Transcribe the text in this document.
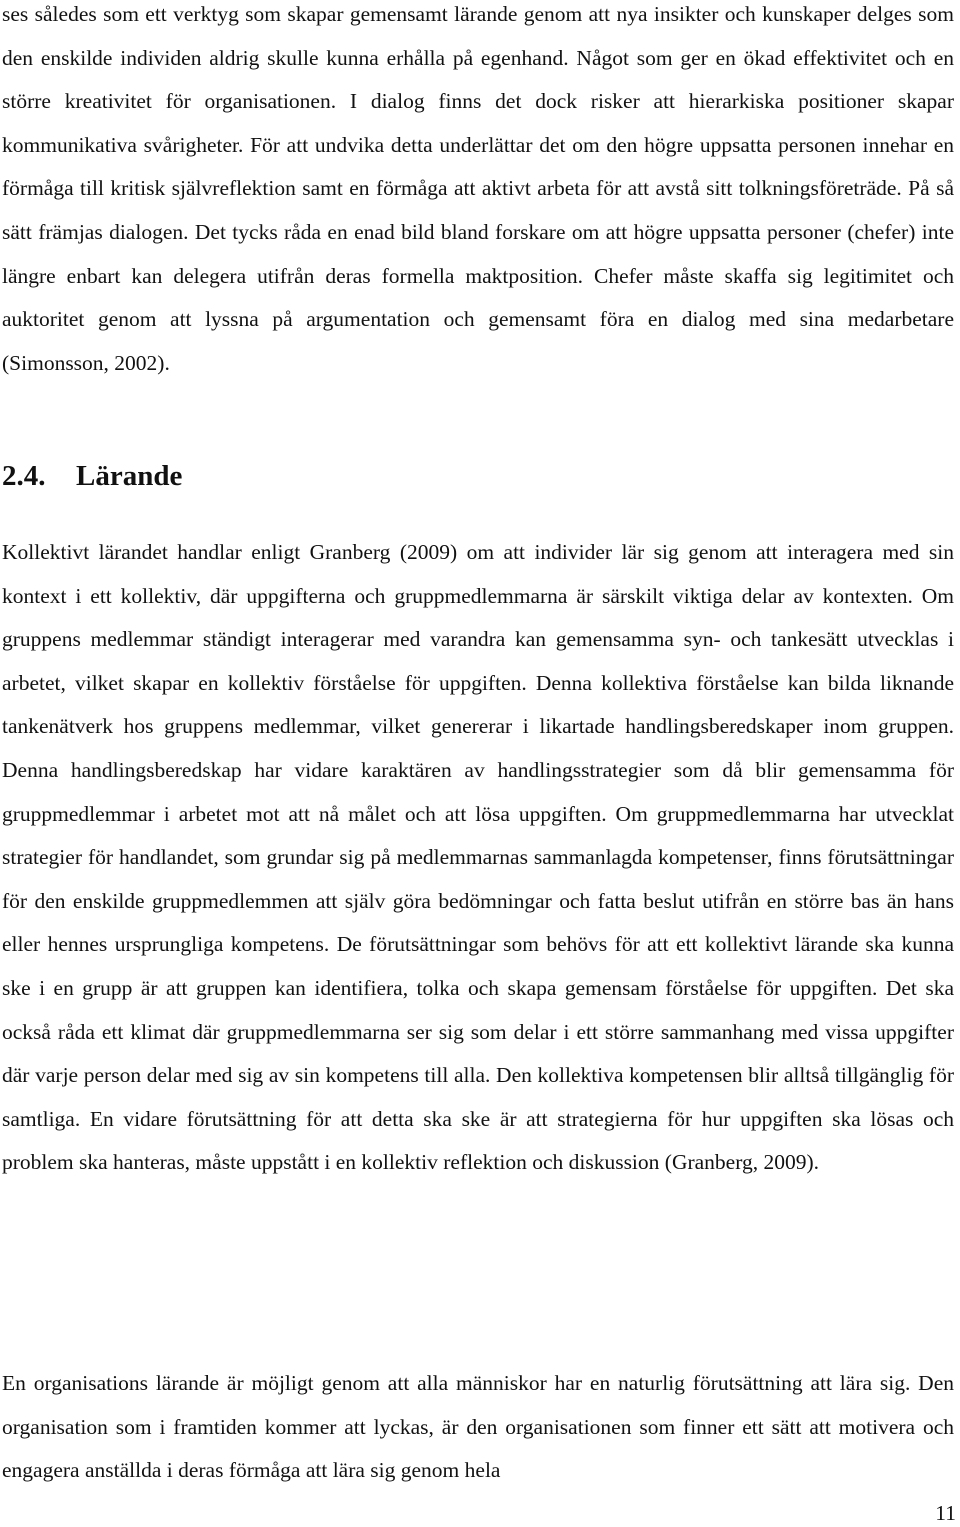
ses således som ett verktyg som skapar gemensamt lärande genom att nya insikter och kunskaper delges som den enskilde individen aldrig skulle kunna erhålla på egenhand. Något som ger en ökad effektivitet och en större kreativitet för organisationen. I dialog finns det dock risker att hierarkiska positioner skapar kommunikativa svårigheter. För att undvika detta underlättar det om den högre uppsatta personen innehar en förmåga till kritisk självreflektion samt en förmåga att aktivt arbeta för att avstå sitt tolkningsföreträde. På så sätt främjas dialogen. Det tycks råda en enad bild bland forskare om att högre uppsatta personer (chefer) inte längre enbart kan delegera utifrån deras formella maktposition. Chefer måste skaffa sig legitimitet och auktoritet genom att lyssna på argumentation och gemensamt föra en dialog med sina medarbetare (Simonsson, 2002).

2.4. Lärande

Kollektivt lärandet handlar enligt Granberg (2009) om att individer lär sig genom att interagera med sin kontext i ett kollektiv, där uppgifterna och gruppmedlemmarna är särskilt viktiga delar av kontexten. Om gruppens medlemmar ständigt interagerar med varandra kan gemensamma syn- och tankesätt utvecklas i arbetet, vilket skapar en kollektiv förståelse för uppgiften. Denna kollektiva förståelse kan bilda liknande tankenätverk hos gruppens medlemmar, vilket genererar i likartade handlingsberedskaper inom gruppen. Denna handlingsberedskap har vidare karaktären av handlingsstrategier som då blir gemensamma för gruppmedlemmar i arbetet mot att nå målet och att lösa uppgiften. Om gruppmedlemmarna har utvecklat strategier för handlandet, som grundar sig på medlemmarnas sammanlagda kompetenser, finns förutsättningar för den enskilde gruppmedlemmen att själv göra bedömningar och fatta beslut utifrån en större bas än hans eller hennes ursprungliga kompetens. De förutsättningar som behövs för att ett kollektivt lärande ska kunna ske i en grupp är att gruppen kan identifiera, tolka och skapa gemensam förståelse för uppgiften. Det ska också råda ett klimat där gruppmedlemmarna ser sig som delar i ett större sammanhang med vissa uppgifter där varje person delar med sig av sin kompetens till alla. Den kollektiva kompetensen blir alltså tillgänglig för samtliga. En vidare förutsättning för att detta ska ske är att strategierna för hur uppgiften ska lösas och problem ska hanteras, måste uppstått i en kollektiv reflektion och diskussion (Granberg, 2009).

En organisations lärande är möjligt genom att alla människor har en naturlig förutsättning att lära sig. Den organisation som i framtiden kommer att lyckas, är den organisationen som finner ett sätt att motivera och engagera anställda i deras förmåga att lära sig genom hela

11
